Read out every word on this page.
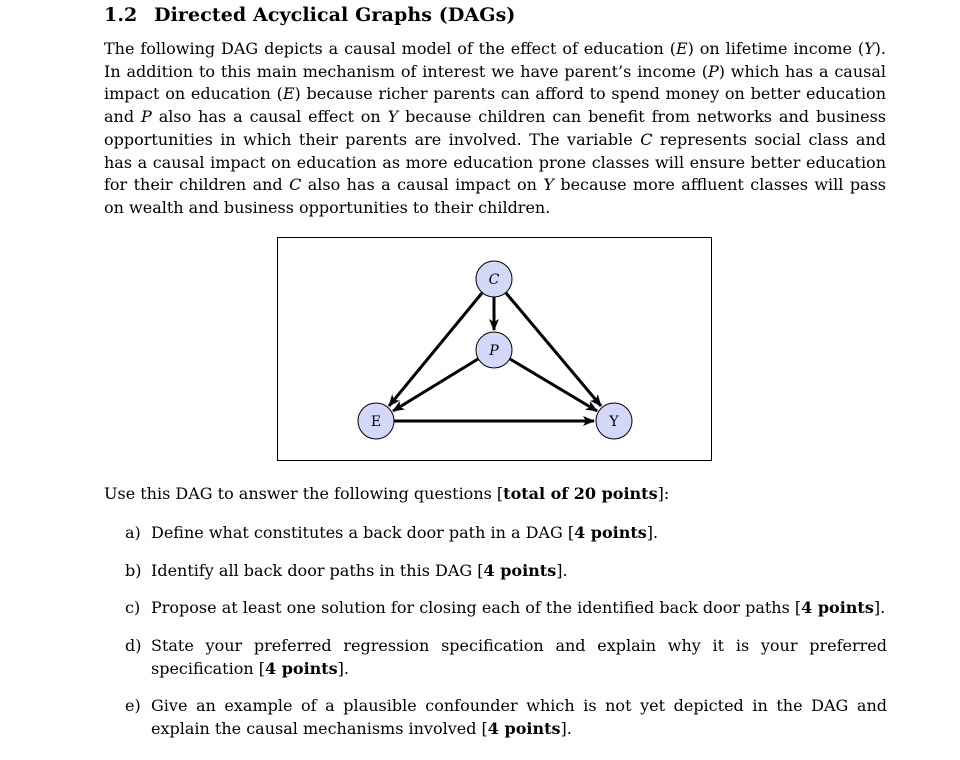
1.2 Directed Acyclical Graphs (DAGs)

The following DAG depicts a causal model of the effect of education (E) on lifetime income (Y). In addition to this main mechanism of interest we have parent’s income (P) which has a causal impact on education (E) because richer parents can afford to spend money on better education and P also has a causal effect on Y because children can benefit from networks and business opportunities in which their parents are involved. The variable C represents social class and has a causal impact on education as more education prone classes will ensure better education for their children and C also has a causal impact on Y because more affluent classes will pass on wealth and business opportunities to their children.

C
P
E	Y
Use this DAG to answer the following questions [total of 20 points]:
a) Define what constitutes a back door path in a DAG [4 points].
b) Identify all back door paths in this DAG [4 points].
c) Propose at least one solution for closing each of the identified back door paths [4 points].
d) State your preferred regression specification and explain why it is your preferred specification [4 points].
e) Give an example of a plausible confounder which is not yet depicted in the DAG and explain the causal mechanisms involved [4 points].
